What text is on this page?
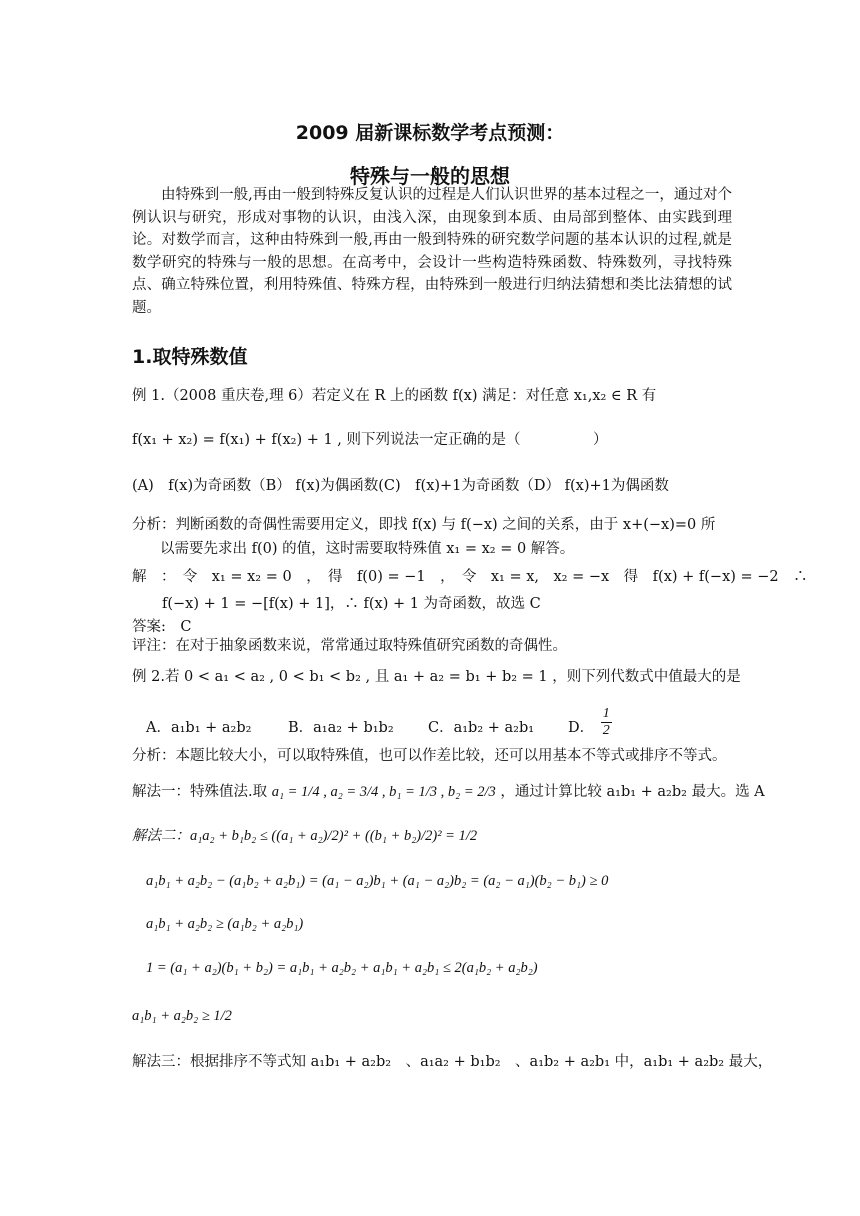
2009 届新课标数学考点预测：
特殊与一般的思想
由特殊到一般,再由一般到特殊反复认识的过程是人们认识世界的基本过程之一，通过对个例认识与研究，形成对事物的认识，由浅入深，由现象到本质、由局部到整体、由实践到理论。对数学而言，这种由特殊到一般,再由一般到特殊的研究数学问题的基本认识的过程,就是数学研究的特殊与一般的思想。在高考中，会设计一些构造特殊函数、特殊数列，寻找特殊点、确立特殊位置，利用特殊值、特殊方程，由特殊到一般进行归纳法猜想和类比法猜想的试题。
1.取特殊数值
例 1.（2008 重庆卷,理 6）若定义在 R 上的函数 f(x) 满足：对任意 x₁,x₂ ∈ R 有
f(x₁ + x₂) = f(x₁) + f(x₂) + 1 , 则下列说法一定正确的是（　　　　　）
(A)　f(x)为奇函数（B） f(x)为偶函数(C)　f(x)+1为奇函数（D） f(x)+1为偶函数
分析：判断函数的奇偶性需要用定义，即找 f(x) 与 f(−x) 之间的关系，由于 x+(−x)=0 所
以需要先求出 f(0) 的值，这时需要取特殊值 x₁ = x₂ = 0 解答。
解　：　令　x₁ = x₂ = 0　，　得　f(0) = −1　，　令　x₁ = x,　x₂ = −x　得　f(x) + f(−x) = −2　∴
f(−x) + 1 = −[f(x) + 1]，∴ f(x) + 1 为奇函数，故选 C
答案:　C
评注：在对于抽象函数来说，常常通过取特殊值研究函数的奇偶性。
例 2.若 0 < a₁ < a₂ , 0 < b₁ < b₂ , 且 a₁ + a₂ = b₁ + b₂ = 1 ，则下列代数式中值最大的是
A．a₁b₁ + a₂b₂	B．a₁a₂ + b₁b₂ C．a₁b₂ + a₂b₁ D． $\frac{1}{2}$
分析：本题比较大小，可以取特殊值，也可以作差比较，还可以用基本不等式或排序不等式。
解法一：特殊值法.取 a₁ = 1/4 , a₂ = 3/4 , b₁ = 1/3 , b₂ = 2/3 ，通过计算比较 a₁b₁ + a₂b₂ 最大。选 A
解法二：a₁a₂ + b₁b₂ ≤ ((a₁ + a₂)/2)² + ((b₁ + b₂)/2)² = 1/2
a₁b₁ + a₂b₂ − (a₁b₂ + a₂b₁) = (a₁ − a₂)b₁ + (a₁ − a₂)b₂ = (a₂ − a₁)(b₂ − b₁) ≥ 0
a₁b₁ + a₂b₂ ≥ (a₁b₂ + a₂b₁)
1 = (a₁ + a₂)(b₁ + b₂) = a₁b₁ + a₂b₂ + a₁b₁ + a₂b₁ ≤ 2(a₁b₂ + a₂b₂)
a₁b₁ + a₂b₂ ≥ 1/2
解法三：根据排序不等式知 a₁b₁ + a₂b₂　、a₁a₂ + b₁b₂　、a₁b₂ + a₂b₁ 中，a₁b₁ + a₂b₂ 最大，
